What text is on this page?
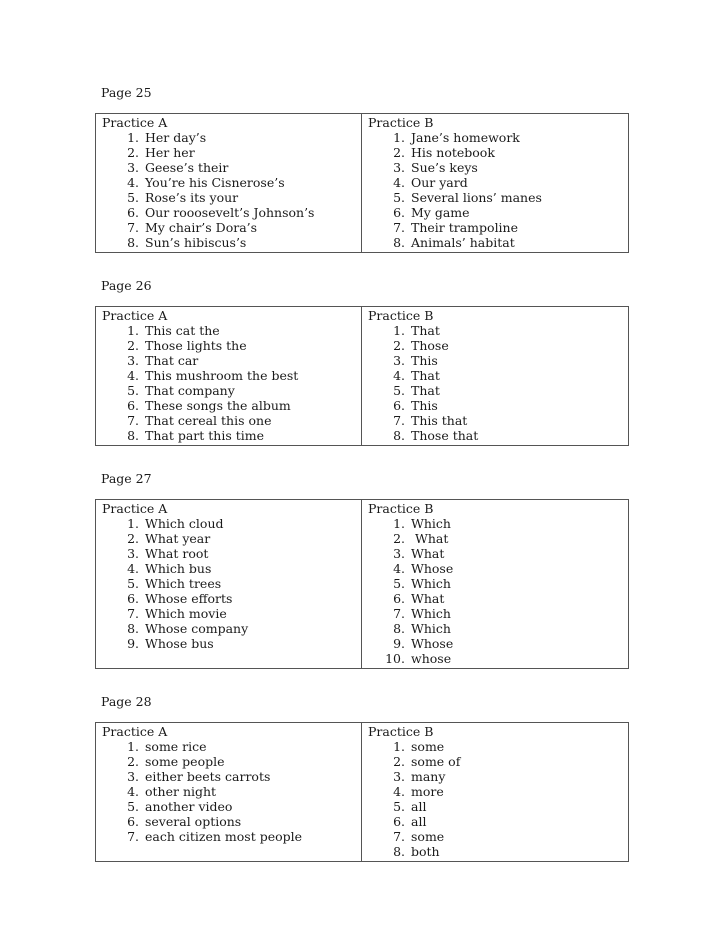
Page 25
Practice A
1. Her day’s
2. Her her
3. Geese’s their
4. You’re his Cisnerose’s
5. Rose’s its your
6. Our rooosevelt’s Johnson’s
7. My chair’s Dora’s
8. Sun’s hibiscus’s
Practice B
1. Jane’s homework
2. His notebook
3. Sue’s keys
4. Our yard
5. Several lions’ manes
6. My game
7. Their trampoline
8. Animals’ habitat
Page 26
Practice A
1. This cat the
2. Those lights the
3. That car
4. This mushroom the best
5. That company
6. These songs the album
7. That cereal this one
8. That part this time
Practice B
1. That
2. Those
3. This
4. That
5. That
6. This
7. This that
8. Those that
Page 27
Practice A
1. Which cloud
2. What year
3. What root
4. Which bus
5. Which trees
6. Whose efforts
7. Which movie
8. Whose company
9. Whose bus
Practice B
1. Which
2. What
3. What
4. Whose
5. Which
6. What
7. Which
8. Which
9. Whose
10. whose
Page 28
Practice A
1. some rice
2. some people
3. either beets carrots
4. other night
5. another video
6. several options
7. each citizen most people
Practice B
1. some
2. some of
3. many
4. more
5. all
6. all
7. some
8. both
